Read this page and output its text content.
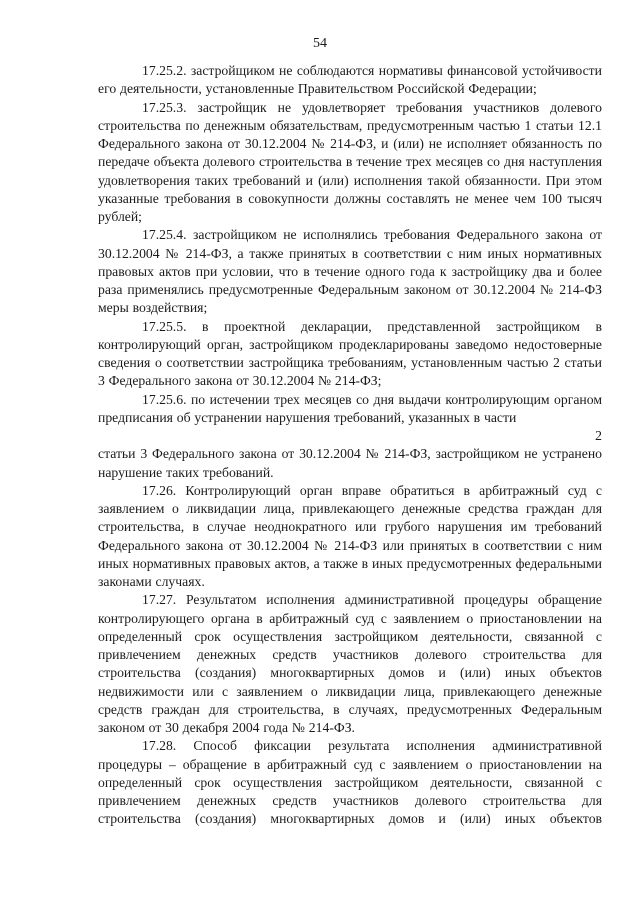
54

17.25.2. застройщиком не соблюдаются нормативы финансовой устойчивости его деятельности, установленные Правительством Российской Федерации;

17.25.3. застройщик не удовлетворяет требования участников долевого строительства по денежным обязательствам, предусмотренным частью 1 статьи 12.1 Федерального закона от 30.12.2004 № 214-ФЗ, и (или) не исполняет обязанность по передаче объекта долевого строительства в течение трех месяцев со дня наступления удовлетворения таких требований и (или) исполнения такой обязанности. При этом указанные требования в совокупности должны составлять не менее чем 100 тысяч рублей;

17.25.4. застройщиком не исполнялись требования Федерального закона от 30.12.2004 № 214-ФЗ, а также принятых в соответствии с ним иных нормативных правовых актов при условии, что в течение одного года к застройщику два и более раза применялись предусмотренные Федеральным законом от 30.12.2004 № 214-ФЗ меры воздействия;

17.25.5. в проектной декларации, представленной застройщиком в контролирующий орган, застройщиком продекларированы заведомо недостоверные сведения о соответствии застройщика требованиям, установленным частью 2 статьи 3 Федерального закона от 30.12.2004 № 214-ФЗ;

17.25.6. по истечении трех месяцев со дня выдачи контролирующим органом предписания об устранении нарушения требований, указанных в части

2

статьи 3 Федерального закона от 30.12.2004 № 214-ФЗ, застройщиком не устранено нарушение таких требований.

17.26. Контролирующий орган вправе обратиться в арбитражный суд с заявлением о ликвидации лица, привлекающего денежные средства граждан для строительства, в случае неоднократного или грубого нарушения им требований Федерального закона от 30.12.2004 № 214-ФЗ или принятых в соответствии с ним иных нормативных правовых актов, а также в иных предусмотренных федеральными законами случаях.

17.27. Результатом исполнения административной процедуры обращение контролирующего органа в арбитражный суд с заявлением о приостановлении на определенный срок осуществления застройщиком деятельности, связанной с привлечением денежных средств участников долевого строительства для строительства (создания) многоквартирных домов и (или) иных объектов недвижимости или с заявлением о ликвидации лица, привлекающего денежные средств граждан для строительства, в случаях, предусмотренных Федеральным законом от 30 декабря 2004 года № 214-ФЗ.

17.28. Способ фиксации результата исполнения административной процедуры – обращение в арбитражный суд с заявлением о приостановлении на определенный срок осуществления застройщиком деятельности, связанной с привлечением денежных средств участников долевого строительства для строительства (создания) многоквартирных домов и (или) иных объектов
